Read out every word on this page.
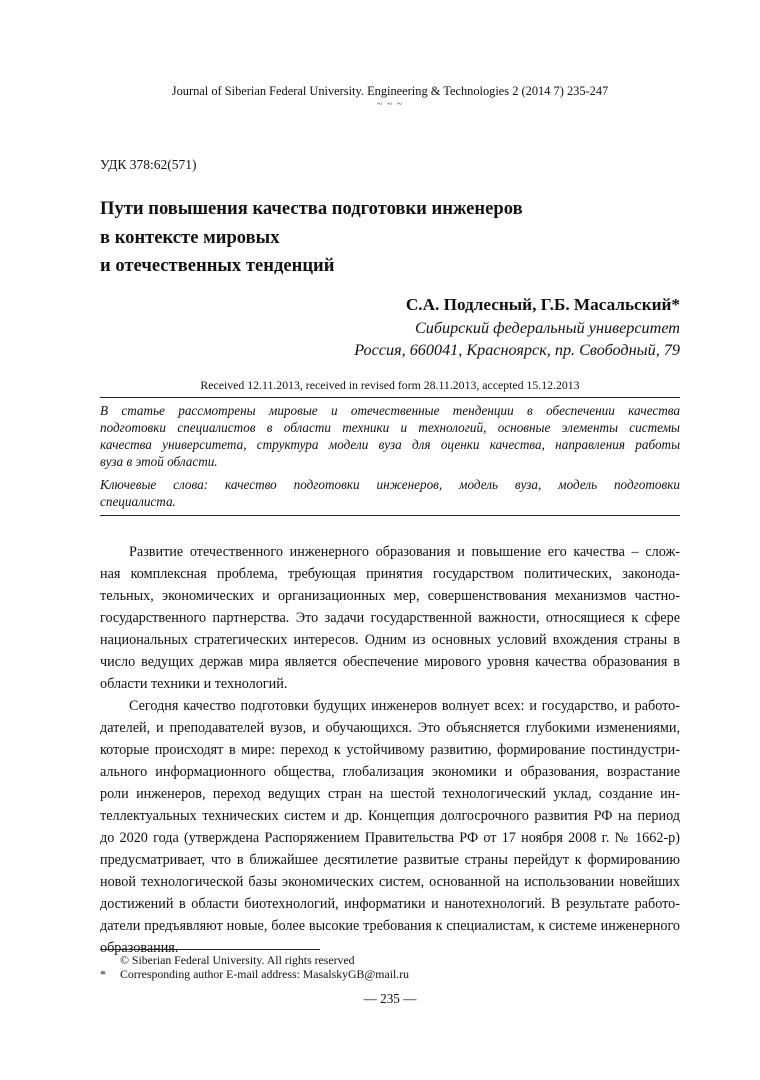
Journal of Siberian Federal University. Engineering & Technologies 2 (2014 7) 235-247
~ ~ ~
УДК 378:62(571)
Пути повышения качества подготовки инженеров
в контексте мировых
и отечественных тенденций
С.А. Подлесный, Г.Б. Масальский*
Сибирский федеральный университет
Россия, 660041, Красноярск, пр. Свободный, 79
Received 12.11.2013, received in revised form 28.11.2013, accepted 15.12.2013

В статье рассмотрены мировые и отечественные тенденции в обеспечении качества
подготовки специалистов в области техники и технологий, основные элементы системы
качества университета, структура модели вуза для оценки качества, направления работы
вуза в этой области.

Ключевые слова: качество подготовки инженеров, модель вуза, модель подготовки
специалиста.

Развитие отечественного инженерного образования и повышение его качества – слож-
ная комплексная проблема, требующая принятия государством политических, законода-
тельных, экономических и организационных мер, совершенствования механизмов частно-
государственного партнерства. Это задачи государственной важности, относящиеся к сфере
национальных стратегических интересов. Одним из основных условий вхождения страны в
число ведущих держав мира является обеспечение мирового уровня качества образования в
области техники и технологий.
Сегодня качество подготовки будущих инженеров волнует всех: и государство, и работо-
дателей, и преподавателей вузов, и обучающихся. Это объясняется глубокими изменениями,
которые происходят в мире: переход к устойчивому развитию, формирование постиндустри-
ального информационного общества, глобализация экономики и образования, возрастание
роли инженеров, переход ведущих стран на шестой технологический уклад, создание ин-
теллектуальных технических систем и др. Концепция долгосрочного развития РФ на период
до 2020 года (утверждена Распоряжением Правительства РФ от 17 ноября 2008 г. № 1662-р)
предусматривает, что в ближайшее десятилетие развитые страны перейдут к формированию
новой технологической базы экономических систем, основанной на использовании новейших
достижений в области биотехнологий, информатики и нанотехнологий. В результате работо-
датели предъявляют новые, более высокие требования к специалистам, к системе инженерного
образования.
© Siberian Federal University. All rights reserved
* Corresponding author E-mail address: MasalskyGB@mail.ru
— 235 —
